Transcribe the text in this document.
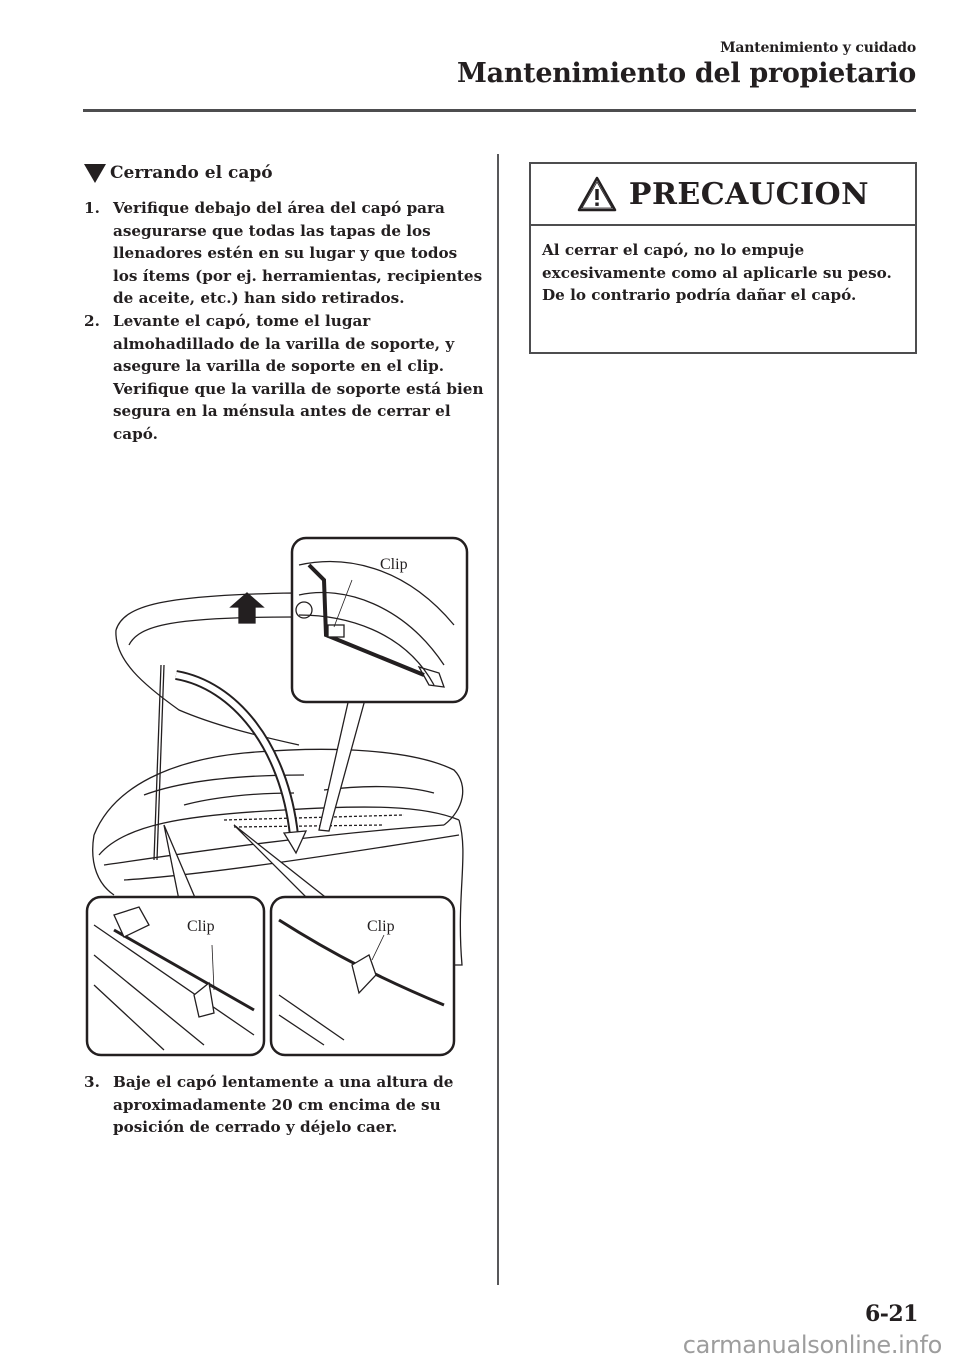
Mantenimiento y cuidado
Mantenimiento del propietario
Cerrando el capó
1. Verifique debajo del área del capó para asegurarse que todas las tapas de los llenadores estén en su lugar y que todos los ítems (por ej. herramientas, recipientes de aceite, etc.) han sido retirados.
2. Levante el capó, tome el lugar almohadillado de la varilla de soporte, y asegure la varilla de soporte en el clip. Verifique que la varilla de soporte está bien segura en la ménsula antes de cerrar el capó.
Clip
Clip	Clip
3. Baje el capó lentamente a una altura de aproximadamente 20 cm encima de su posición de cerrado y déjelo caer.
PRECAUCION
Al cerrar el capó, no lo empuje excesivamente como al aplicarle su peso. De lo contrario podría dañar el capó.
6-21
carmanualsonline.info
